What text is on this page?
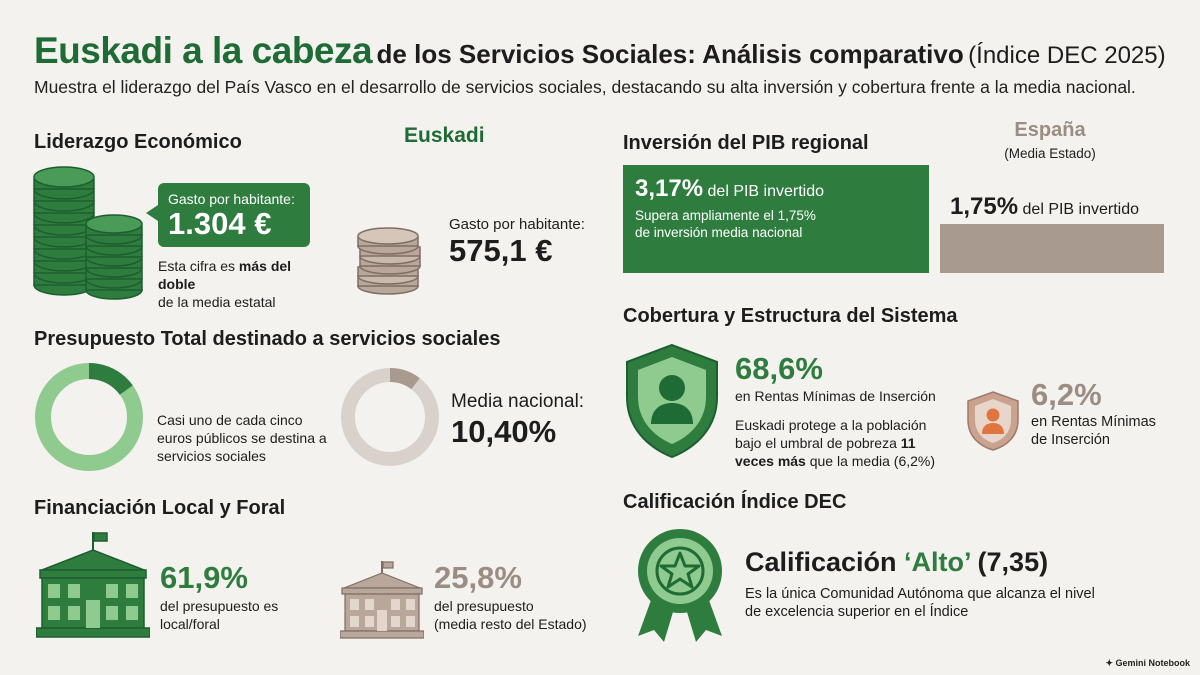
Euskadi a la cabeza de los Servicios Sociales: Análisis comparativo (Índice DEC 2025)
Muestra el liderazgo del País Vasco en el desarrollo de servicios sociales, destacando su alta inversión y cobertura frente a la media nacional.
Liderazgo Económico	Euskadi
Gasto por habitante:
1.304 €
Esta cifra es más del doble
de la media estatal
Gasto por habitante:
575,1 €
Presupuesto Total destinado a servicios sociales
Casi uno de cada cinco euros públicos se destina a servicios sociales
Media nacional:
10,40%
Financiación Local y Foral
61,9%
del presupuesto es
local/foral
25,8%
del presupuesto
(media resto del Estado)
Inversión del PIB regional
España
(Media Estado)
3,17% del PIB invertido
Supera ampliamente el 1,75%
de inversión media nacional
1,75% del PIB invertido
Cobertura y Estructura del Sistema
68,6%
en Rentas Mínimas de Inserción
Euskadi protege a la población
bajo el umbral de pobreza 11
veces más que la media (6,2%)
6,2%
en Rentas Mínimas
de Inserción
Calificación Índice DEC
Calificación ‘Alto’ (7,35)
Es la única Comunidad Autónoma que alcanza el nivel
de excelencia superior en el Índice
✦ Gemini Notebook
